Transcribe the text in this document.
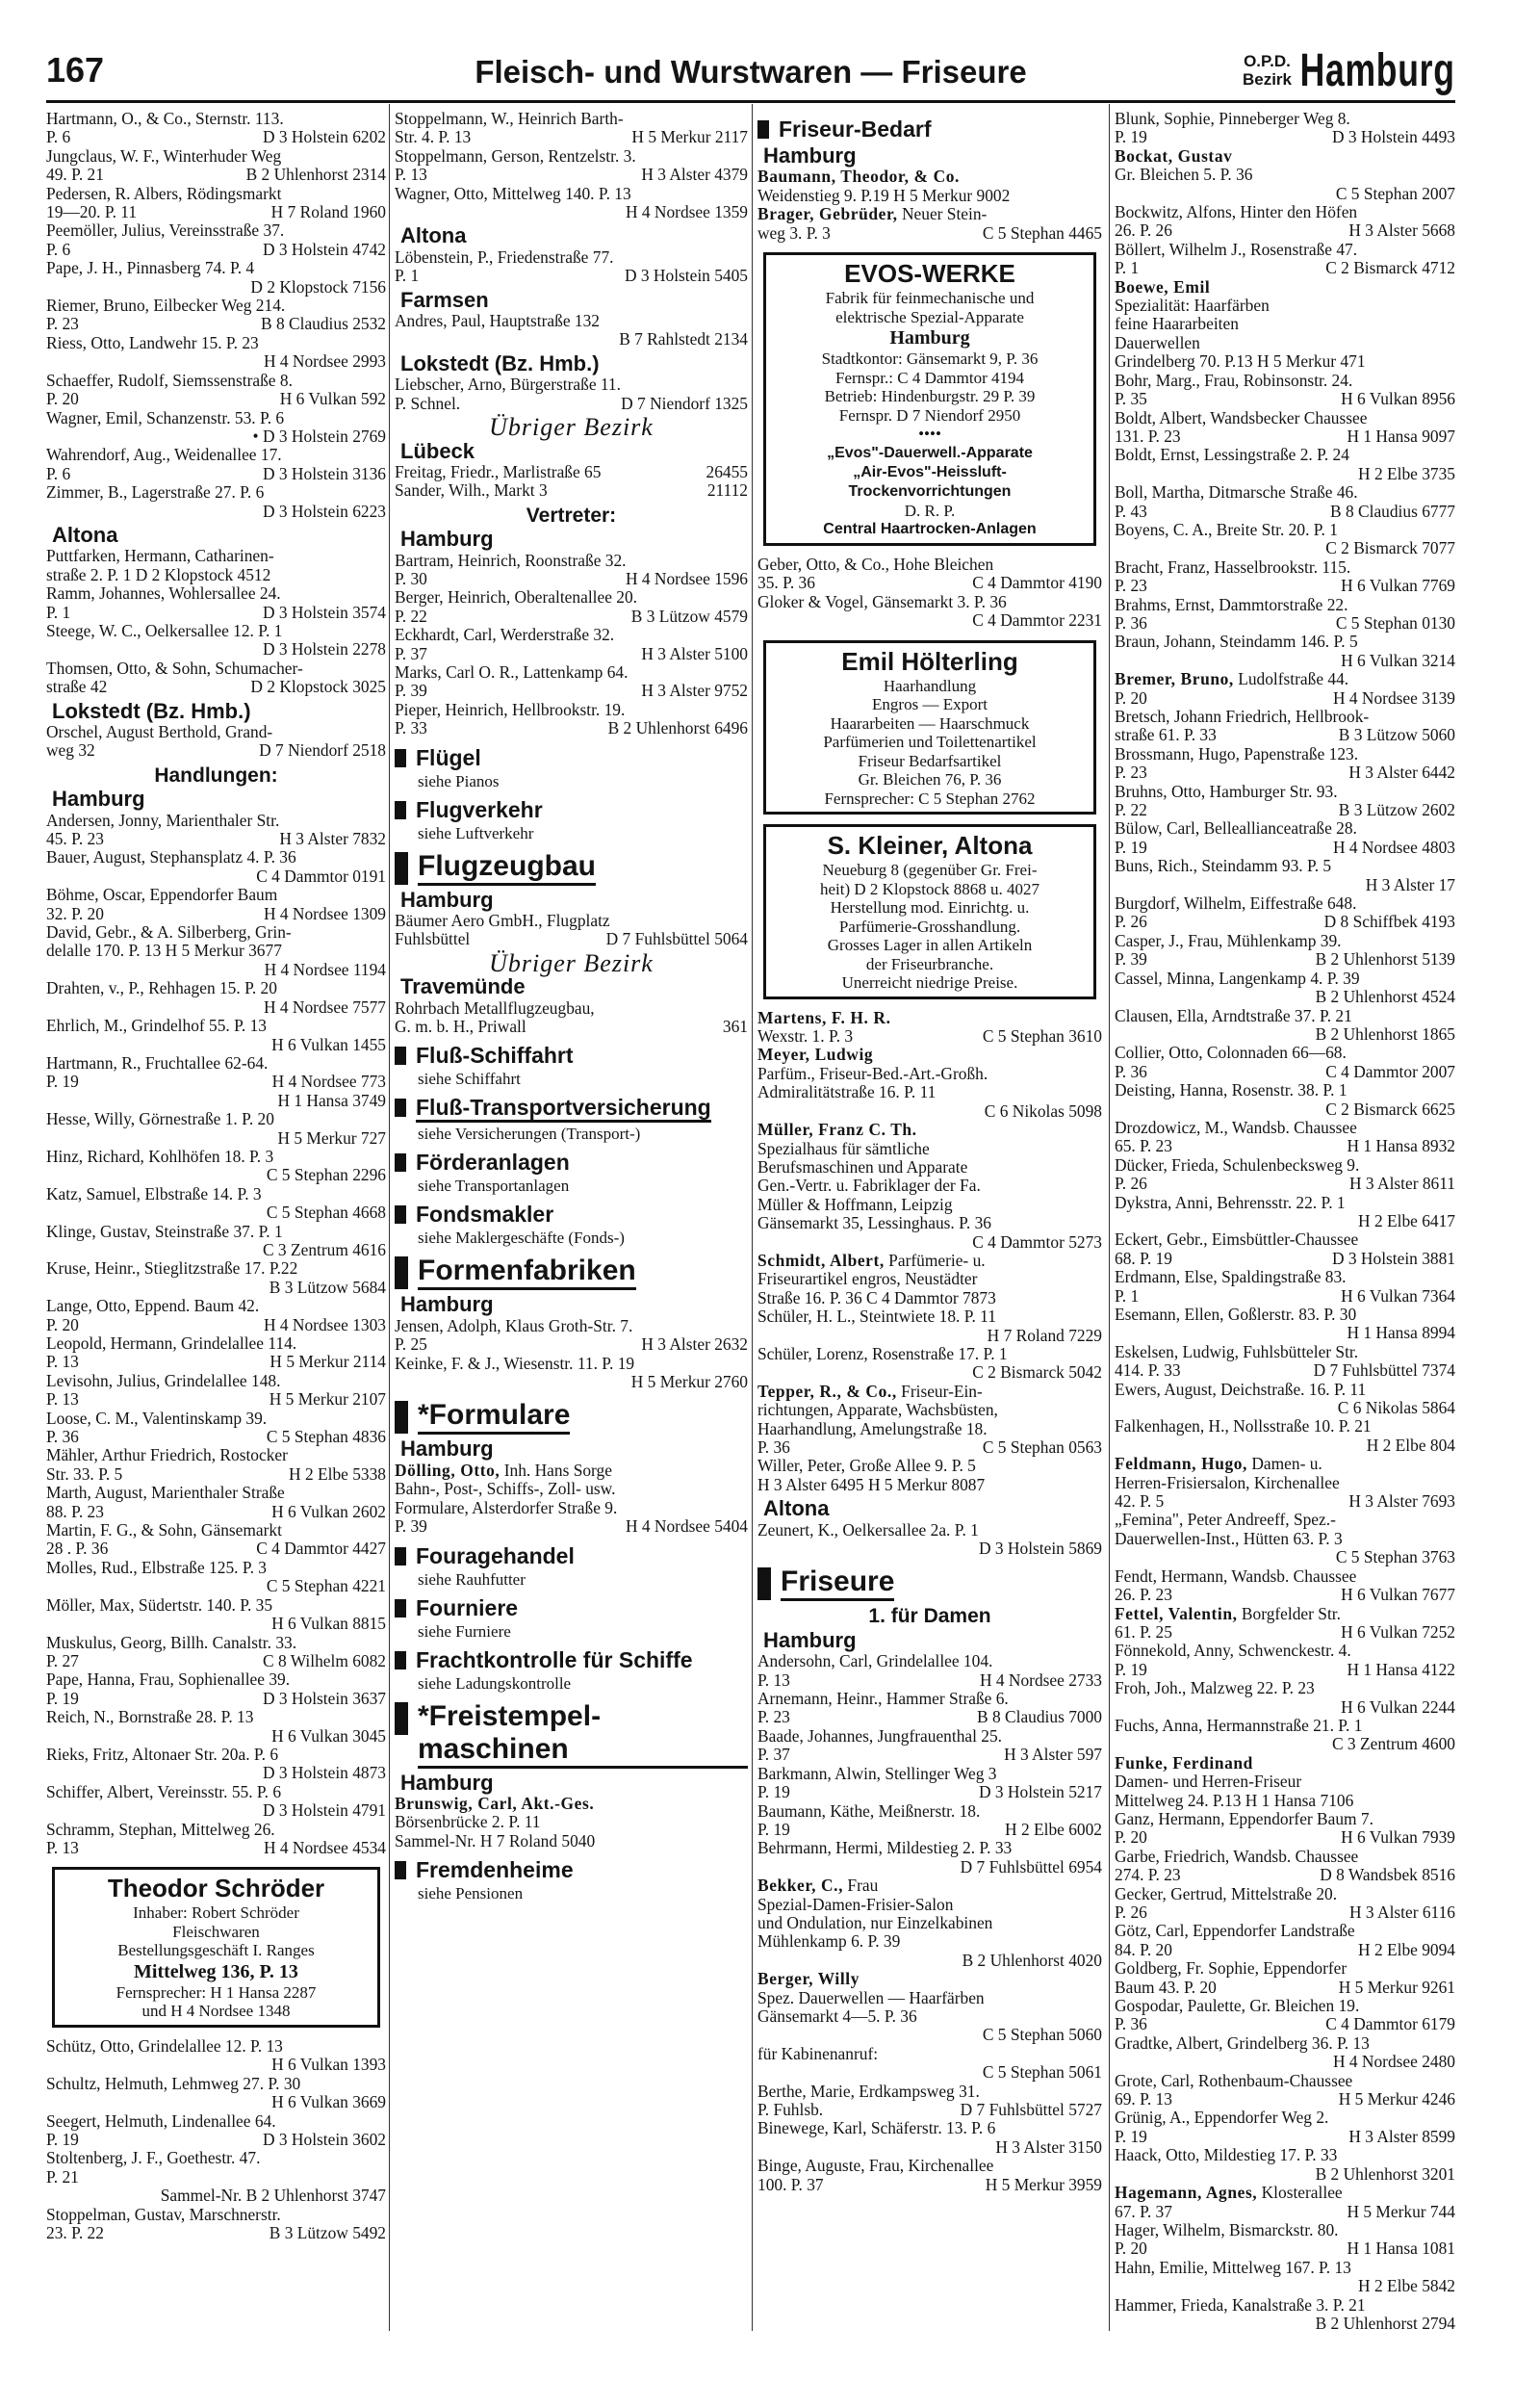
167	Fleisch- und Wurstwaren — Friseure	O.P.D.
Bezirk Hamburg
Hartmann, O., & Co., Sternstr. 113.
D 3 Holstein 6202
P. 6
Jungclaus, W. F., Winterhuder Weg
B 2 Uhlenhorst 2314
49. P. 21
Pedersen, R. Albers, Rödingsmarkt
H 7 Roland 1960
19—20. P. 11
Peemöller, Julius, Vereinsstraße 37.
D 3 Holstein 4742
P. 6
Pape, J. H., Pinnasberg 74. P. 4
D 2 Klopstock 7156
Riemer, Bruno, Eilbecker Weg 214.
B 8 Claudius 2532
P. 23
Riess, Otto, Landwehr 15. P. 23
H 4 Nordsee 2993
Schaeffer, Rudolf, Siemssenstraße 8.
H 6 Vulkan 592
P. 20
Wagner, Emil, Schanzenstr. 53. P. 6
• D 3 Holstein 2769
Wahrendorf, Aug., Weidenallee 17.
D 3 Holstein 3136
P. 6
Zimmer, B., Lagerstraße 27. P. 6
D 3 Holstein 6223
Altona
Puttfarken, Hermann, Catharinen-
straße 2. P. 1 D 2 Klopstock 4512
Ramm, Johannes, Wohlersallee 24.
D 3 Holstein 3574
P. 1
Steege, W. C., Oelkersallee 12. P. 1
D 3 Holstein 2278
Thomsen, Otto, & Sohn, Schumacher-
D 2 Klopstock 3025
straße 42
Lokstedt (Bz. Hmb.)
Orschel, August Berthold, Grand-
D 7 Niendorf 2518
weg 32
Handlungen:
Hamburg
Andersen, Jonny, Marienthaler Str.
H 3 Alster 7832
45. P. 23
Bauer, August, Stephansplatz 4. P. 36
C 4 Dammtor 0191
Böhme, Oscar, Eppendorfer Baum
H 4 Nordsee 1309
32. P. 20
David, Gebr., & A. Silberberg, Grin-
delalle 170. P. 13 H 5 Merkur 3677
H 4 Nordsee 1194
Drahten, v., P., Rehhagen 15. P. 20
H 4 Nordsee 7577
Ehrlich, M., Grindelhof 55. P. 13
H 6 Vulkan 1455
Hartmann, R., Fruchtallee 62-64.
H 4 Nordsee 773
P. 19
H 1 Hansa 3749
Hesse, Willy, Görnestraße 1. P. 20
H 5 Merkur 727
Hinz, Richard, Kohlhöfen 18. P. 3
C 5 Stephan 2296
Katz, Samuel, Elbstraße 14. P. 3
C 5 Stephan 4668
Klinge, Gustav, Steinstraße 37. P. 1
C 3 Zentrum 4616
Kruse, Heinr., Stieglitzstraße 17. P.22
B 3 Lützow 5684
Lange, Otto, Eppend. Baum 42.
H 4 Nordsee 1303
P. 20
Leopold, Hermann, Grindelallee 114.
H 5 Merkur 2114
P. 13
Levisohn, Julius, Grindelallee 148.
H 5 Merkur 2107
P. 13
Loose, C. M., Valentinskamp 39.
C 5 Stephan 4836
P. 36
Mähler, Arthur Friedrich, Rostocker
H 2 Elbe 5338
Str. 33. P. 5
Marth, August, Marienthaler Straße
H 6 Vulkan 2602
88. P. 23
Martin, F. G., & Sohn, Gänsemarkt
C 4 Dammtor 4427
28 . P. 36
Molles, Rud., Elbstraße 125. P. 3
C 5 Stephan 4221
Möller, Max, Südertstr. 140. P. 35
H 6 Vulkan 8815
Muskulus, Georg, Billh. Canalstr. 33.
C 8 Wilhelm 6082
P. 27
Pape, Hanna, Frau, Sophienallee 39.
D 3 Holstein 3637
P. 19
Reich, N., Bornstraße 28. P. 13
H 6 Vulkan 3045
Rieks, Fritz, Altonaer Str. 20a. P. 6
D 3 Holstein 4873
Schiffer, Albert, Vereinsstr. 55. P. 6
D 3 Holstein 4791
Schramm, Stephan, Mittelweg 26.
H 4 Nordsee 4534
P. 13
Theodor Schröder
Inhaber: Robert Schröder
Fleischwaren
Bestellungsgeschäft I. Ranges
Mittelweg 136, P. 13
Fernsprecher: H 1 Hansa 2287
und H 4 Nordsee 1348
Schütz, Otto, Grindelallee 12. P. 13
H 6 Vulkan 1393
Schultz, Helmuth, Lehmweg 27. P. 30
H 6 Vulkan 3669
Seegert, Helmuth, Lindenallee 64.
D 3 Holstein 3602
P. 19
Stoltenberg, J. F., Goethestr. 47.
P. 21
Sammel-Nr. B 2 Uhlenhorst 3747
Stoppelman, Gustav, Marschnerstr.
B 3 Lützow 5492
23. P. 22
Stoppelmann, W., Heinrich Barth-
H 5 Merkur 2117
Str. 4. P. 13
Stoppelmann, Gerson, Rentzelstr. 3.
H 3 Alster 4379
P. 13
Wagner, Otto, Mittelweg 140. P. 13
H 4 Nordsee 1359
Altona
Löbenstein, P., Friedenstraße 77.
D 3 Holstein 5405
P. 1
Farmsen
Andres, Paul, Hauptstraße 132
B 7 Rahlstedt 2134
Lokstedt (Bz. Hmb.)
Liebscher, Arno, Bürgerstraße 11.
D 7 Niendorf 1325
P. Schnel.
Übriger Bezirk
Lübeck
26455
Freitag, Friedr., Marlistraße 65
21112
Sander, Wilh., Markt 3
Vertreter:
Hamburg
Bartram, Heinrich, Roonstraße 32.
H 4 Nordsee 1596
P. 30
Berger, Heinrich, Oberaltenallee 20.
B 3 Lützow 4579
P. 22
Eckhardt, Carl, Werderstraße 32.
H 3 Alster 5100
P. 37
Marks, Carl O. R., Lattenkamp 64.
H 3 Alster 9752
P. 39
Pieper, Heinrich, Hellbrookstr. 19.
B 2 Uhlenhorst 6496
P. 33
Flügel
siehe Pianos
Flugverkehr
siehe Luftverkehr
Flugzeugbau
Hamburg
Bäumer Aero GmbH., Flugplatz
D 7 Fuhlsbüttel 5064
Fuhlsbüttel
Übriger Bezirk
Travemünde
Rohrbach Metallflugzeugbau,
361
G. m. b. H., Priwall
Fluß-Schiffahrt
siehe Schiffahrt
Fluß-Transportversicherung
siehe Versicherungen (Transport-)
Förderanlagen
siehe Transportanlagen
Fondsmakler
siehe Maklergeschäfte (Fonds-)
Formenfabriken
Hamburg
Jensen, Adolph, Klaus Groth-Str. 7.
H 3 Alster 2632
P. 25
Keinke, F. & J., Wiesenstr. 11. P. 19
H 5 Merkur 2760
*Formulare
Hamburg
Dölling, Otto, Inh. Hans Sorge
Bahn-, Post-, Schiffs-, Zoll- usw.
Formulare, Alsterdorfer Straße 9.
H 4 Nordsee 5404
P. 39
Fouragehandel
siehe Rauhfutter
Fourniere
siehe Furniere
Frachtkontrolle für Schiffe
siehe Ladungskontrolle
*Freistempel-maschinen
Hamburg
Brunswig, Carl, Akt.-Ges.
Börsenbrücke 2. P. 11
Sammel-Nr. H 7 Roland 5040
Fremdenheime
siehe Pensionen
Friseur-Bedarf
Hamburg
Baumann, Theodor, & Co.
Weidenstieg 9. P.19 H 5 Merkur 9002
Brager, Gebrüder, Neuer Stein-
C 5 Stephan 4465
weg 3. P. 3
EVOS-WERKE
Fabrik für feinmechanische und
elektrische Spezial-Apparate
Hamburg
Stadtkontor: Gänsemarkt 9, P. 36
Fernspr.: C 4 Dammtor 4194
Betrieb: Hindenburgstr. 29 P. 39
Fernspr. D 7 Niendorf 2950
••••
„Evos"-Dauerwell.-Apparate
„Air-Evos"-Heissluft-
Trockenvorrichtungen
D. R. P.
Central Haartrocken-Anlagen
Geber, Otto, & Co., Hohe Bleichen
C 4 Dammtor 4190
35. P. 36
Gloker & Vogel, Gänsemarkt 3. P. 36
C 4 Dammtor 2231
Emil Hölterling
Haarhandlung
Engros — Export
Haararbeiten — Haarschmuck
Parfümerien und Toilettenartikel
Friseur Bedarfsartikel
Gr. Bleichen 76, P. 36
Fernsprecher: C 5 Stephan 2762
S. Kleiner, Altona
Neueburg 8 (gegenüber Gr. Frei-
heit) D 2 Klopstock 8868 u. 4027
Herstellung mod. Einrichtg. u.
Parfümerie-Grosshandlung.
Grosses Lager in allen Artikeln
der Friseurbranche.
Unerreicht niedrige Preise.
Martens, F. H. R.
C 5 Stephan 3610
Wexstr. 1. P. 3
Meyer, Ludwig
Parfüm., Friseur-Bed.-Art.-Großh.
Admiralitätstraße 16. P. 11
C 6 Nikolas 5098
Müller, Franz C. Th.
Spezialhaus für sämtliche
Berufsmaschinen und Apparate
Gen.-Vertr. u. Fabriklager der Fa.
Müller & Hoffmann, Leipzig
Gänsemarkt 35, Lessinghaus. P. 36
C 4 Dammtor 5273
Schmidt, Albert, Parfümerie- u.
Friseurartikel engros, Neustädter
Straße 16. P. 36 C 4 Dammtor 7873
Schüler, H. L., Steintwiete 18. P. 11
H 7 Roland 7229
Schüler, Lorenz, Rosenstraße 17. P. 1
C 2 Bismarck 5042
Tepper, R., & Co., Friseur-Ein-
richtungen, Apparate, Wachsbüsten,
Haarhandlung, Amelungstraße 18.
C 5 Stephan 0563
P. 36
Willer, Peter, Große Allee 9. P. 5
H 3 Alster 6495 H 5 Merkur 8087
Altona
Zeunert, K., Oelkersallee 2a. P. 1
D 3 Holstein 5869
Friseure
1. für Damen
Hamburg
Andersohn, Carl, Grindelallee 104.
H 4 Nordsee 2733
P. 13
Arnemann, Heinr., Hammer Straße 6.
B 8 Claudius 7000
P. 23
Baade, Johannes, Jungfrauenthal 25.
H 3 Alster 597
P. 37
Barkmann, Alwin, Stellinger Weg 3
D 3 Holstein 5217
P. 19
Baumann, Käthe, Meißnerstr. 18.
H 2 Elbe 6002
P. 19
Behrmann, Hermi, Mildestieg 2. P. 33
D 7 Fuhlsbüttel 6954
Bekker, C., Frau
Spezial-Damen-Frisier-Salon
und Ondulation, nur Einzelkabinen
Mühlenkamp 6. P. 39
B 2 Uhlenhorst 4020
Berger, Willy
Spez. Dauerwellen — Haarfärben
Gänsemarkt 4—5. P. 36
C 5 Stephan 5060
für Kabinenanruf:
C 5 Stephan 5061
Berthe, Marie, Erdkampsweg 31.
D 7 Fuhlsbüttel 5727
P. Fuhlsb.
Binewege, Karl, Schäferstr. 13. P. 6
H 3 Alster 3150
Binge, Auguste, Frau, Kirchenallee
H 5 Merkur 3959
100. P. 37
Blunk, Sophie, Pinneberger Weg 8.
D 3 Holstein 4493
P. 19
Bockat, Gustav
Gr. Bleichen 5. P. 36
C 5 Stephan 2007
Bockwitz, Alfons, Hinter den Höfen
H 3 Alster 5668
26. P. 26
Böllert, Wilhelm J., Rosenstraße 47.
C 2 Bismarck 4712
P. 1
Boewe, Emil
Spezialität: Haarfärben
feine Haararbeiten
Dauerwellen
Grindelberg 70. P.13 H 5 Merkur 471
Bohr, Marg., Frau, Robinsonstr. 24.
H 6 Vulkan 8956
P. 35
Boldt, Albert, Wandsbecker Chaussee
H 1 Hansa 9097
131. P. 23
Boldt, Ernst, Lessingstraße 2. P. 24
H 2 Elbe 3735
Boll, Martha, Ditmarsche Straße 46.
B 8 Claudius 6777
P. 43
Boyens, C. A., Breite Str. 20. P. 1
C 2 Bismarck 7077
Bracht, Franz, Hasselbrookstr. 115.
H 6 Vulkan 7769
P. 23
Brahms, Ernst, Dammtorstraße 22.
C 5 Stephan 0130
P. 36
Braun, Johann, Steindamm 146. P. 5
H 6 Vulkan 3214
Bremer, Bruno, Ludolfstraße 44.
H 4 Nordsee 3139
P. 20
Bretsch, Johann Friedrich, Hellbrook-
B 3 Lützow 5060
straße 61. P. 33
Brossmann, Hugo, Papenstraße 123.
H 3 Alster 6442
P. 23
Bruhns, Otto, Hamburger Str. 93.
B 3 Lützow 2602
P. 22
Bülow, Carl, Belleallianceatraße 28.
H 4 Nordsee 4803
P. 19
Buns, Rich., Steindamm 93. P. 5
H 3 Alster 17
Burgdorf, Wilhelm, Eiffestraße 648.
D 8 Schiffbek 4193
P. 26
Casper, J., Frau, Mühlenkamp 39.
B 2 Uhlenhorst 5139
P. 39
Cassel, Minna, Langenkamp 4. P. 39
B 2 Uhlenhorst 4524
Clausen, Ella, Arndtstraße 37. P. 21
B 2 Uhlenhorst 1865
Collier, Otto, Colonnaden 66—68.
C 4 Dammtor 2007
P. 36
Deisting, Hanna, Rosenstr. 38. P. 1
C 2 Bismarck 6625
Drozdowicz, M., Wandsb. Chaussee
H 1 Hansa 8932
65. P. 23
Dücker, Frieda, Schulenbecksweg 9.
H 3 Alster 8611
P. 26
Dykstra, Anni, Behrensstr. 22. P. 1
H 2 Elbe 6417
Eckert, Gebr., Eimsbüttler-Chaussee
D 3 Holstein 3881
68. P. 19
Erdmann, Else, Spaldingstraße 83.
H 6 Vulkan 7364
P. 1
Esemann, Ellen, Goßlerstr. 83. P. 30
H 1 Hansa 8994
Eskelsen, Ludwig, Fuhlsbütteler Str.
D 7 Fuhlsbüttel 7374
414. P. 33
Ewers, August, Deichstraße. 16. P. 11
C 6 Nikolas 5864
Falkenhagen, H., Nollsstraße 10. P. 21
H 2 Elbe 804
Feldmann, Hugo, Damen- u.
Herren-Frisiersalon, Kirchenallee
H 3 Alster 7693
42. P. 5
„Femina", Peter Andreeff, Spez.-
Dauerwellen-Inst., Hütten 63. P. 3
C 5 Stephan 3763
Fendt, Hermann, Wandsb. Chaussee
H 6 Vulkan 7677
26. P. 23
Fettel, Valentin, Borgfelder Str.
H 6 Vulkan 7252
61. P. 25
Fönnekold, Anny, Schwenckestr. 4.
H 1 Hansa 4122
P. 19
Froh, Joh., Malzweg 22. P. 23
H 6 Vulkan 2244
Fuchs, Anna, Hermannstraße 21. P. 1
C 3 Zentrum 4600
Funke, Ferdinand
Damen- und Herren-Friseur
Mittelweg 24. P.13 H 1 Hansa 7106
Ganz, Hermann, Eppendorfer Baum 7.
H 6 Vulkan 7939
P. 20
Garbe, Friedrich, Wandsb. Chaussee
D 8 Wandsbek 8516
274. P. 23
Gecker, Gertrud, Mittelstraße 20.
H 3 Alster 6116
P. 26
Götz, Carl, Eppendorfer Landstraße
H 2 Elbe 9094
84. P. 20
Goldberg, Fr. Sophie, Eppendorfer
H 5 Merkur 9261
Baum 43. P. 20
Gospodar, Paulette, Gr. Bleichen 19.
C 4 Dammtor 6179
P. 36
Gradtke, Albert, Grindelberg 36. P. 13
H 4 Nordsee 2480
Grote, Carl, Rothenbaum-Chaussee
H 5 Merkur 4246
69. P. 13
Grünig, A., Eppendorfer Weg 2.
H 3 Alster 8599
P. 19
Haack, Otto, Mildestieg 17. P. 33
B 2 Uhlenhorst 3201
Hagemann, Agnes, Klosterallee
H 5 Merkur 744
67. P. 37
Hager, Wilhelm, Bismarckstr. 80.
H 1 Hansa 1081
P. 20
Hahn, Emilie, Mittelweg 167. P. 13
H 2 Elbe 5842
Hammer, Frieda, Kanalstraße 3. P. 21
B 2 Uhlenhorst 2794
